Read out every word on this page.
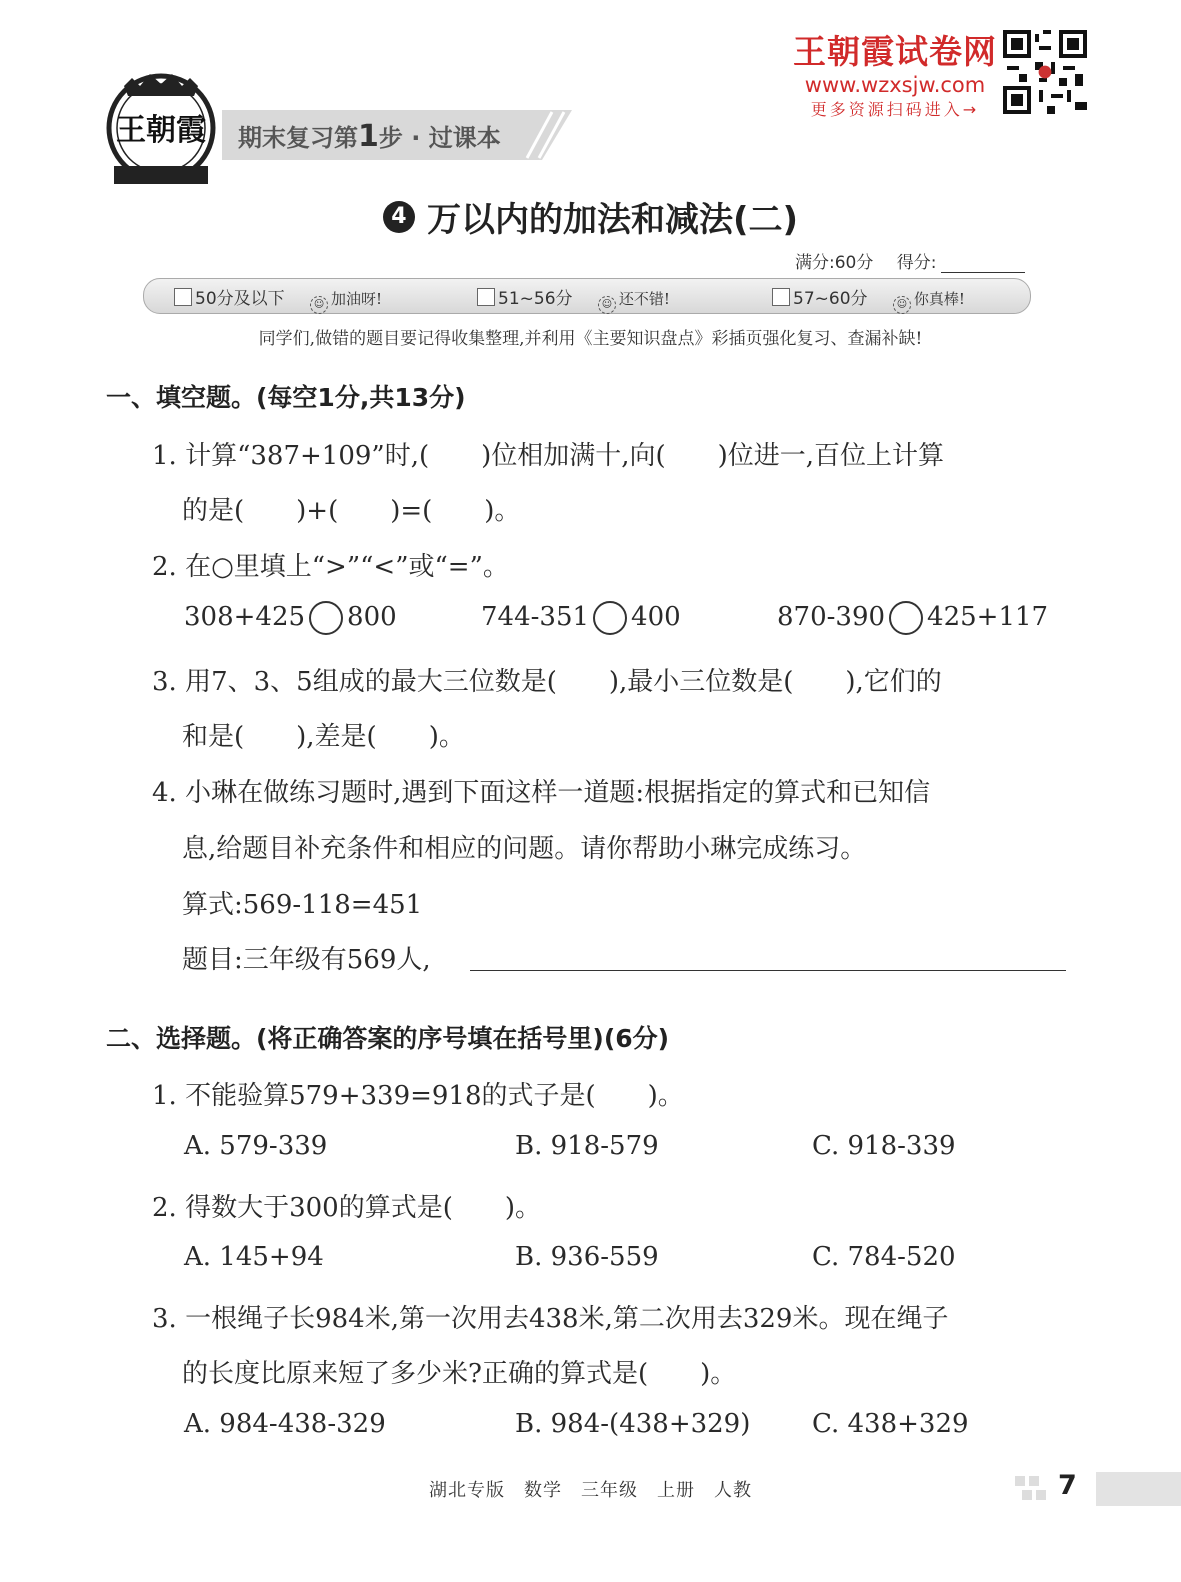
王朝霞 期末复习第1步 · 过课本
王朝霞试卷网
www.wzxsjw.com
更多资源扫码进入→
4 万以内的加法和减法(二)
满分:60分 得分:
50分及以下	☺ 加油呀!	51~56分	☺ 还不错!	57~60分	☺ 你真棒!
同学们,做错的题目要记得收集整理,并利用《主要知识盘点》彩插页强化复习、查漏补缺!
一、填空题。(每空1分,共13分)
1. 计算“387+109”时,(　　)位相加满十,向(　　)位进一,百位上计算
的是(　　)+(　　)=(　　)。
2. 在○里填上“>”“<”或“=”。
308+425 800	744-351 400	870-390 425+117
3. 用7、3、5组成的最大三位数是(　　),最小三位数是(　　),它们的
和是(　　),差是(　　)。
4. 小琳在做练习题时,遇到下面这样一道题:根据指定的算式和已知信
息,给题目补充条件和相应的问题。请你帮助小琳完成练习。
算式:569-118=451
题目:三年级有569人,
二、选择题。(将正确答案的序号填在括号里)(6分)
1. 不能验算579+339=918的式子是(　　)。
A. 579-339	B. 918-579	C. 918-339
2. 得数大于300的算式是(　　)。
A. 145+94	B. 936-559	C. 784-520
3. 一根绳子长984米,第一次用去438米,第二次用去329米。现在绳子
的长度比原来短了多少米?正确的算式是(　　)。
A. 984-438-329	B. 984-(438+329) C. 438+329
湖北专版　数学　三年级　上册　人教	7
